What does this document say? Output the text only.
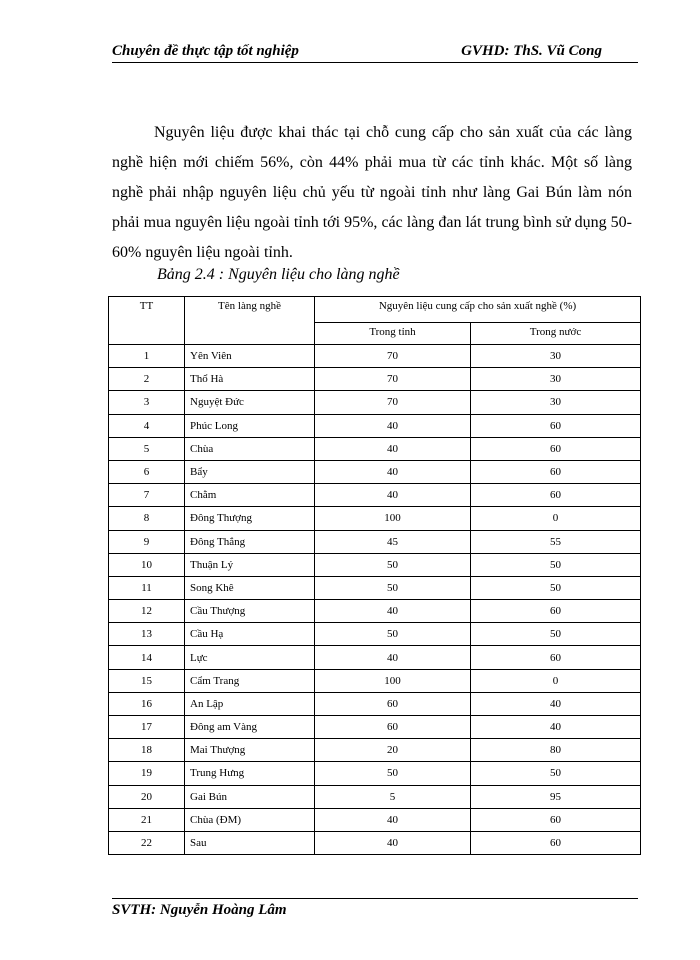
Chuyên đề thực tập tốt nghiệp	GVHD: ThS. Vũ Cong

Nguyên liệu được khai thác tại chỗ cung cấp cho sản xuất của các làng nghề hiện mới chiếm 56%, còn 44% phải mua từ các tỉnh khác. Một số làng nghề phải nhập nguyên liệu chủ yếu từ ngoài tỉnh như làng Gai Bún làm nón phải mua nguyên liệu ngoài tỉnh tới 95%, các làng đan lát trung bình sử dụng 50-60% nguyên liệu ngoài tỉnh.

Bảng 2.4 : Nguyên liệu cho làng nghề
TT	Tên làng nghề	Nguyên liệu cung cấp cho sản xuất nghề (%)	
		Trong tỉnh	Trong nước
1	Yên Viên	70	30
2	Thổ Hà	70	30
3	Nguyệt Đức	70	30
4	Phúc Long	40	60
5	Chùa	40	60
6	Bẩy	40	60
7	Chằm	40	60
8	Đông Thượng	100	0
9	Đông Thắng	45	55
10	Thuận Lý	50	50
11	Song Khê	50	50
12	Cầu Thượng	40	60
13	Cầu Hạ	50	50
14	Lực	40	60
15	Cẩm Trang	100	0
16	An Lập	60	40
17	Đông am Vàng	60	40
18	Mai Thượng	20	80
19	Trung Hưng	50	50
20	Gai Bún	5	95
21	Chùa (ĐM)	40	60
22	Sau	40	60
SVTH: Nguyễn Hoàng Lâm
